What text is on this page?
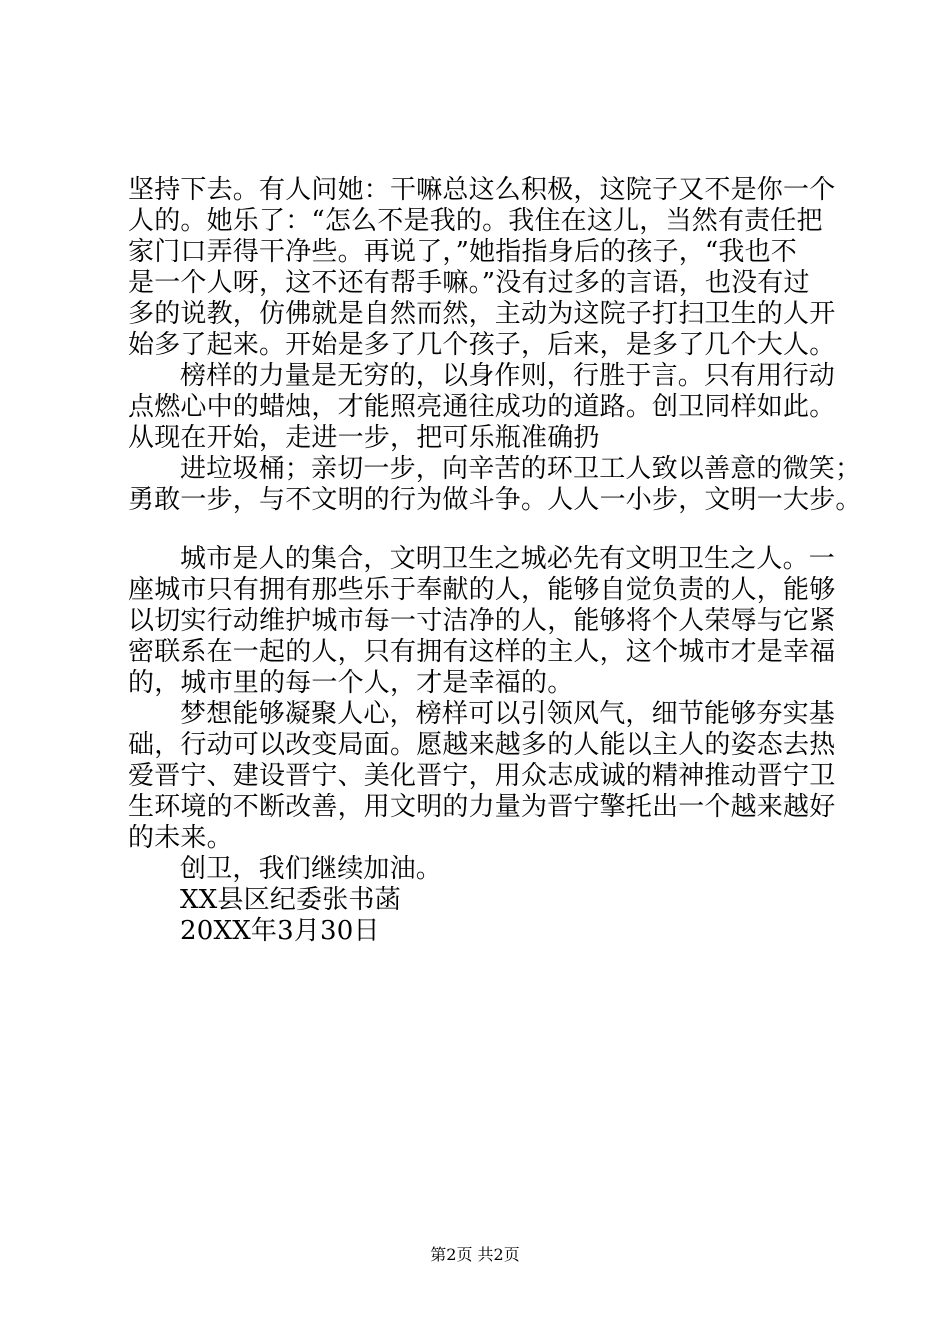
坚持下去。有人问她：干嘛总这么积极，这院子又不是你一个
人的。她乐了：“怎么不是我的。我住在这儿，当然有责任把
家门口弄得干净些。再说了，”她指指身后的孩子，“我也不
是一个人呀，这不还有帮手嘛。”没有过多的言语，也没有过
多的说教，仿佛就是自然而然，主动为这院子打扫卫生的人开
始多了起来。开始是多了几个孩子，后来，是多了几个大人。
榜样的力量是无穷的，以身作则，行胜于言。只有用行动
点燃心中的蜡烛，才能照亮通往成功的道路。创卫同样如此。
从现在开始，走进一步，把可乐瓶准确扔
进垃圾桶；亲切一步，向辛苦的环卫工人致以善意的微笑；
勇敢一步，与不文明的行为做斗争。人人一小步，文明一大步。
城市是人的集合，文明卫生之城必先有文明卫生之人。一
座城市只有拥有那些乐于奉献的人，能够自觉负责的人，能够
以切实行动维护城市每一寸洁净的人，能够将个人荣辱与它紧
密联系在一起的人，只有拥有这样的主人，这个城市才是幸福
的，城市里的每一个人，才是幸福的。
梦想能够凝聚人心，榜样可以引领风气，细节能够夯实基
础，行动可以改变局面。愿越来越多的人能以主人的姿态去热
爱晋宁、建设晋宁、美化晋宁，用众志成诚的精神推动晋宁卫
生环境的不断改善，用文明的力量为晋宁擎托出一个越来越好
的未来。
创卫，我们继续加油。
XX县区纪委张书菡
20XX年3月30日
第2页 共2页
